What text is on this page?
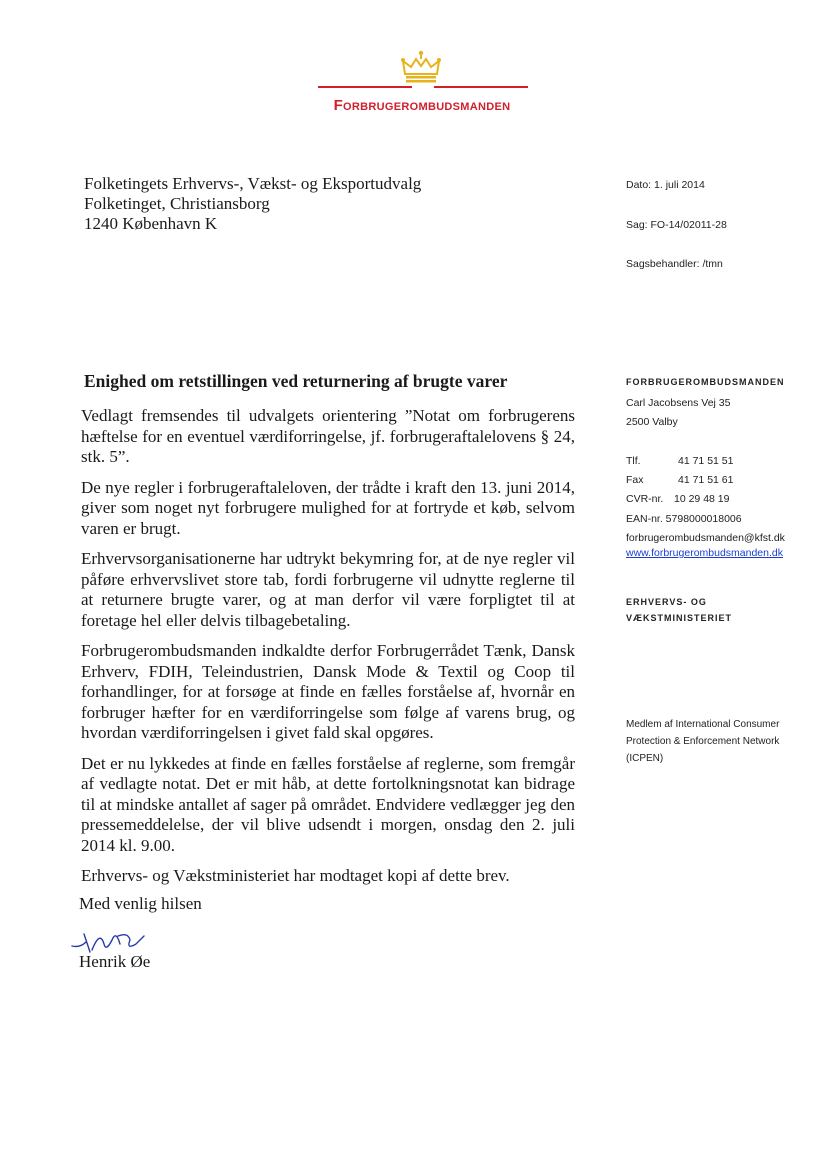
Forbrugerombudsmanden
Folketingets Erhvervs-, Vækst- og Eksportudvalg
Folketinget, Christiansborg
1240 København K
Dato: 1. juli 2014
Sag: FO-14/02011-28
Sagsbehandler: /tmn
Enighed om retstillingen ved returnering af brugte varer

Vedlagt fremsendes til udvalgets orientering ”Notat om forbrugerens hæftelse for en eventuel værdiforringelse, jf. forbrugeraftalelovens § 24, stk. 5”.

De nye regler i forbrugeraftaleloven, der trådte i kraft den 13. juni 2014, giver som noget nyt forbrugere mulighed for at fortryde et køb, selvom varen er brugt.

Erhvervsorganisationerne har udtrykt bekymring for, at de nye regler vil påføre erhvervslivet store tab, fordi forbrugerne vil udnytte reglerne til at returnere brugte varer, og at man derfor vil være forpligtet til at foretage hel eller delvis tilbagebetaling.

Forbrugerombudsmanden indkaldte derfor Forbrugerrådet Tænk, Dansk Erhverv, FDIH, Teleindustrien, Dansk Mode & Textil og Coop til forhandlinger, for at forsøge at finde en fælles forståelse af, hvornår en forbruger hæfter for en værdiforringelse som følge af varens brug, og hvordan værdiforringelsen i givet fald skal opgøres.

Det er nu lykkedes at finde en fælles forståelse af reglerne, som fremgår af vedlagte notat. Det er mit håb, at dette fortolkningsnotat kan bidrage til at mindske antallet af sager på området. Endvidere vedlægger jeg den pressemeddelelse, der vil blive udsendt i morgen, onsdag den 2. juli 2014 kl. 9.00.

Erhvervs- og Vækstministeriet har modtaget kopi af dette brev.

Med venlig hilsen
Henrik Øe
FORBRUGEROMBUDSMANDEN
Carl Jacobsens Vej 35
2500 Valby
Tlf.	41 71 51 51
Fax	41 71 51 61
CVR-nr. 10 29 48 19
EAN-nr. 5798000018006
forbrugerombudsmanden@kfst.dk
www.forbrugerombudsmanden.dk
ERHVERVS- OG
VÆKSTMINISTERIET
Medlem af International Consumer
Protection & Enforcement Network
(ICPEN)
